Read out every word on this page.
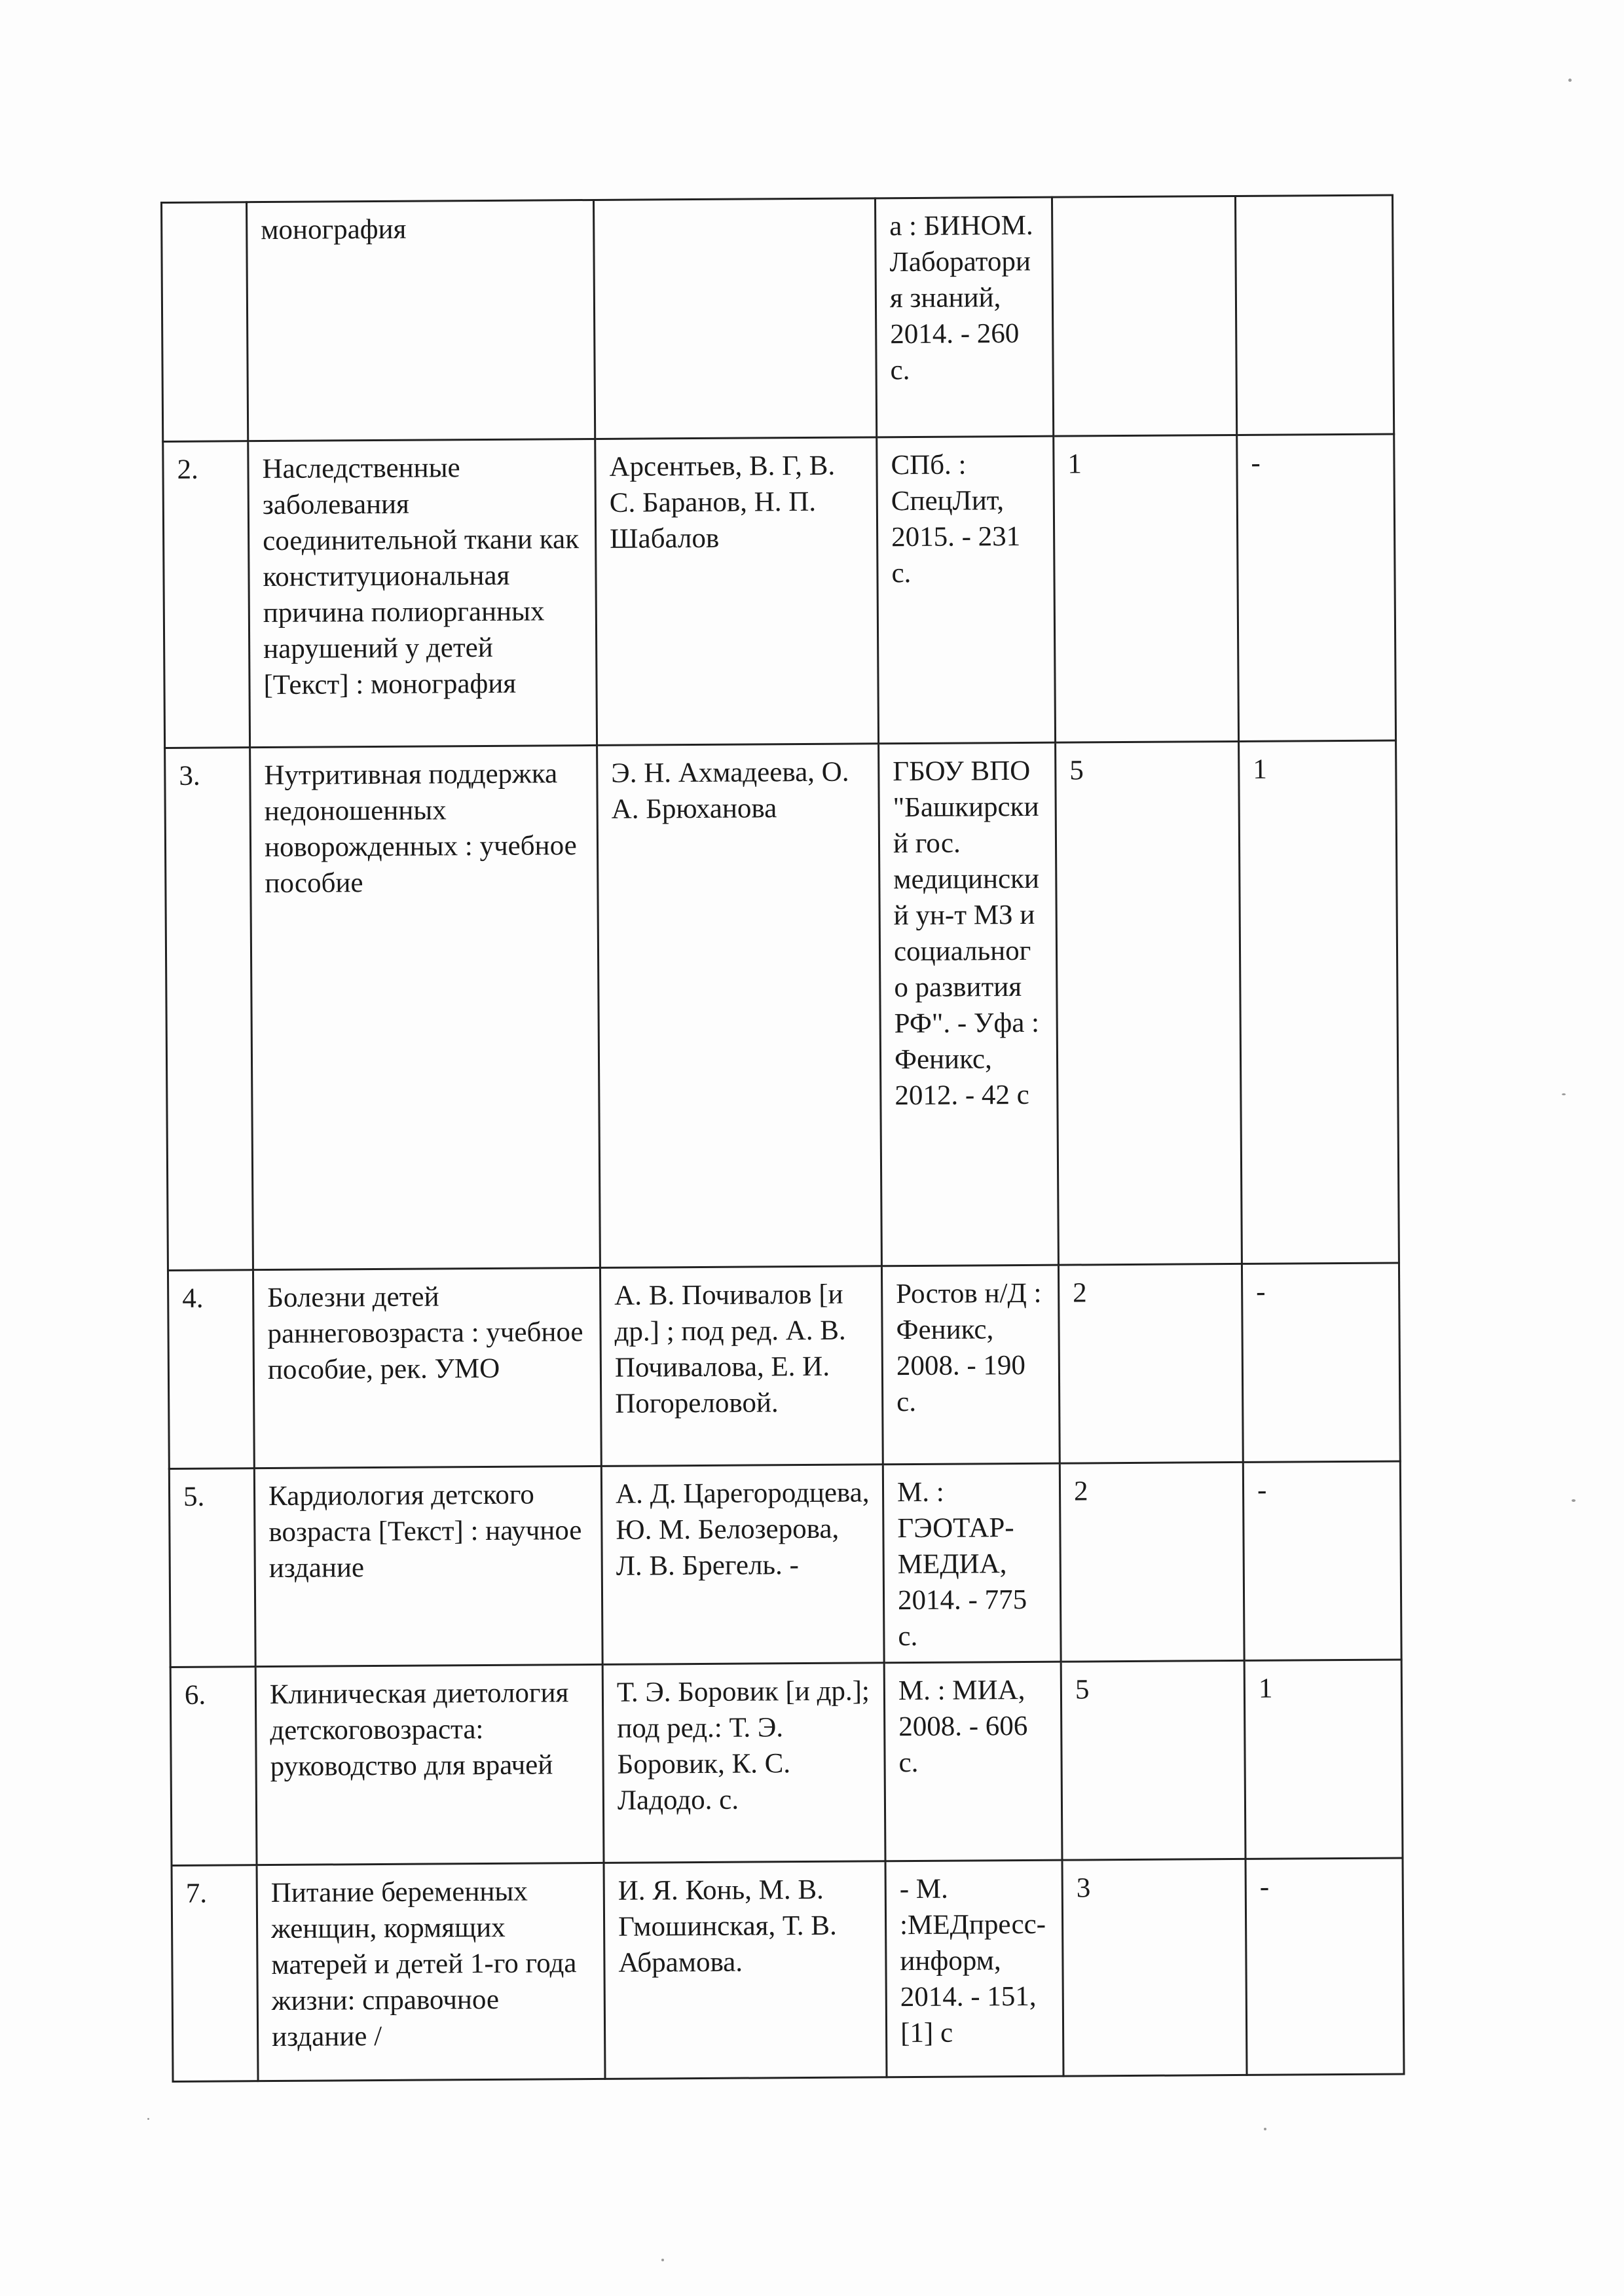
	монография		а : БИНОМ. Лаборатория знаний, 2014. - 260 с.		
2.	Наследственные заболевания соединительной ткани как конституциональная причина полиорганных нарушений у детей [Текст] : монография	Арсентьев, В. Г, В. С. Баранов, Н. П. Шабалов	СПб. : СпецЛит, 2015. - 231 с.	1	-
3.	Нутритивная поддержка недоношенных новорожденных : учебное пособие	Э. Н. Ахмадеева, О. А. Брюханова	ГБОУ ВПО "Башкирский гос. медицинский ун-т МЗ и социального развития РФ". - Уфа : Феникс, 2012. - 42 с	5	1
4.	Болезни детей раннеговозраста : учебное пособие, рек. УМО	А. В. Почивалов [и др.] ; под ред. А. В. Почивалова, Е. И. Погореловой.	Ростов н/Д : Феникс, 2008. - 190 с.	2	-
5.	Кардиология детского возраста [Текст] : научное издание	А. Д. Царегородцева, Ю. М. Белозерова, Л. В. Брегель. -	М. : ГЭОТАР-МЕДИА, 2014. - 775 с.	2	-
6.	Клиническая диетология детскоговозраста: руководство для врачей	Т. Э. Боровик [и др.]; под ред.: Т. Э. Боровик, К. С. Ладодо. с.	М. : МИА, 2008. - 606 с.	5	1
7.	Питание беременных женщин, кормящих матерей и детей 1-го года жизни: справочное издание /	И. Я. Конь, М. В. Гмошинская, Т. В. Абрамова.	- М. :МЕДпресс-информ, 2014. - 151,[1] с	3	-
